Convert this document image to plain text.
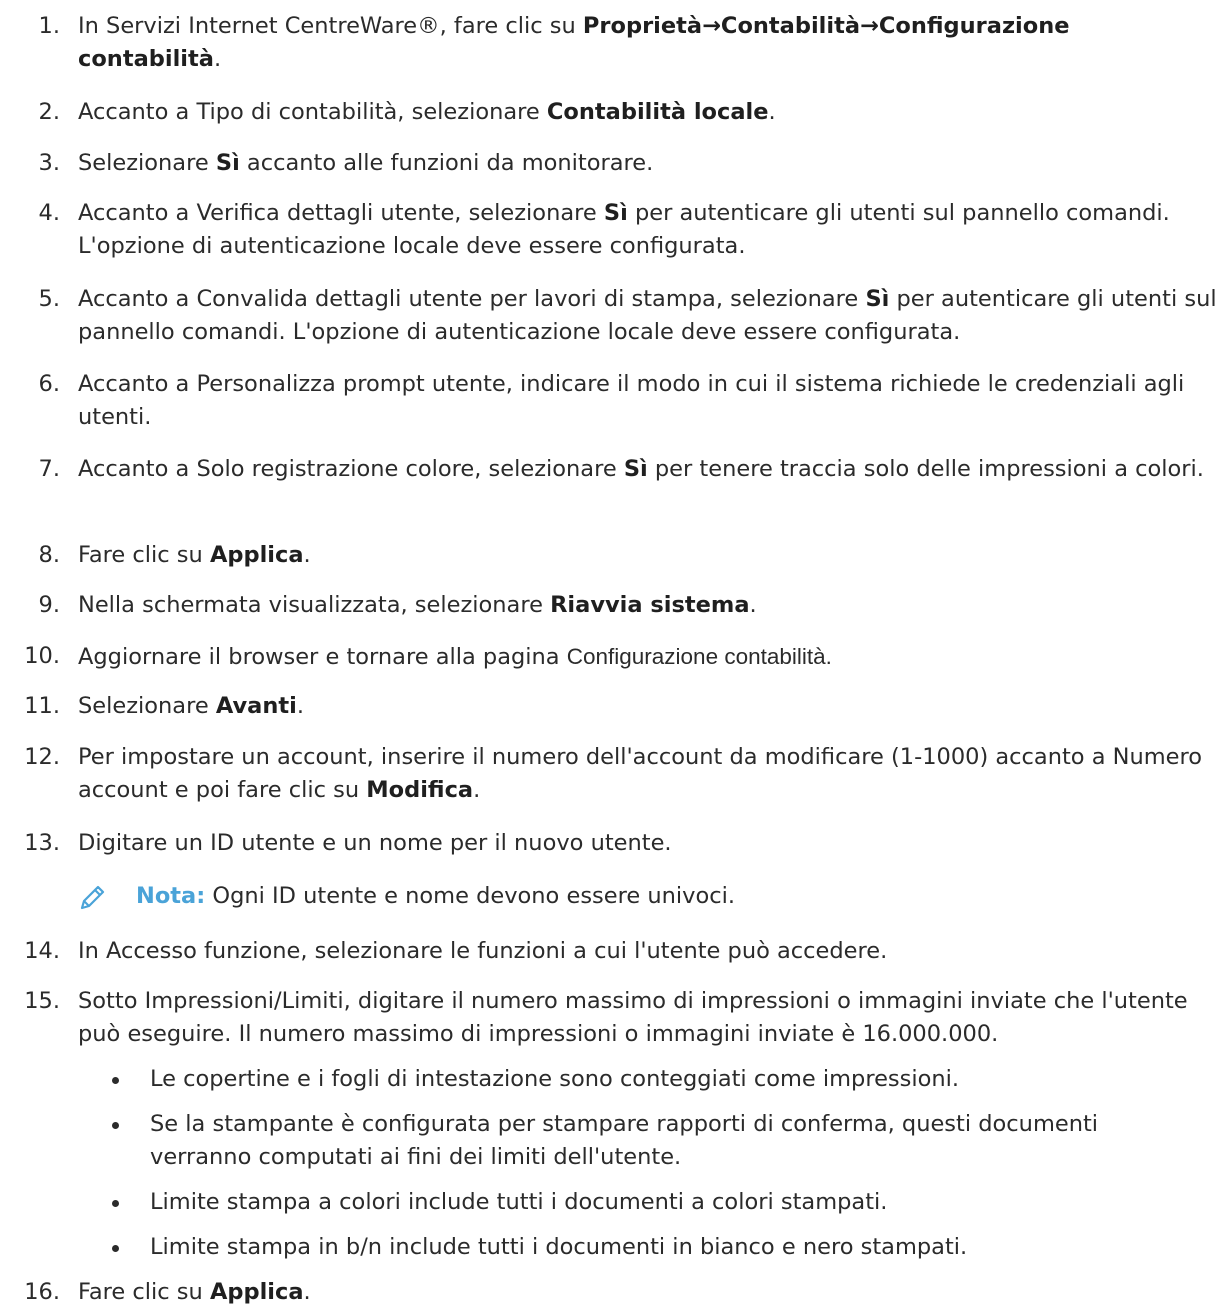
1. In Servizi Internet CentreWare®, fare clic su Proprietà→Contabilità→Configurazione contabilità.
2. Accanto a Tipo di contabilità, selezionare Contabilità locale.
3. Selezionare Sì accanto alle funzioni da monitorare.
4. Accanto a Verifica dettagli utente, selezionare Sì per autenticare gli utenti sul pannello comandi. L'opzione di autenticazione locale deve essere configurata.
5. Accanto a Convalida dettagli utente per lavori di stampa, selezionare Sì per autenticare gli utenti sul pannello comandi. L'opzione di autenticazione locale deve essere configurata.
6. Accanto a Personalizza prompt utente, indicare il modo in cui il sistema richiede le credenziali agli utenti.
7. Accanto a Solo registrazione colore, selezionare Sì per tenere traccia solo delle impressioni a colori.
8. Fare clic su Applica.
9. Nella schermata visualizzata, selezionare Riavvia sistema.
10. Aggiornare il browser e tornare alla pagina Configurazione contabilità.
11. Selezionare Avanti.
12. Per impostare un account, inserire il numero dell'account da modificare (1-1000) accanto a Numero account e poi fare clic su Modifica.
13. Digitare un ID utente e un nome per il nuovo utente.
Nota: Ogni ID utente e nome devono essere univoci.
14. In Accesso funzione, selezionare le funzioni a cui l'utente può accedere.
15. Sotto Impressioni/Limiti, digitare il numero massimo di impressioni o immagini inviate che l'utente può eseguire. Il numero massimo di impressioni o immagini inviate è 16.000.000.
Le copertine e i fogli di intestazione sono conteggiati come impressioni.
Se la stampante è configurata per stampare rapporti di conferma, questi documenti verranno computati ai fini dei limiti dell'utente.
Limite stampa a colori include tutti i documenti a colori stampati.
Limite stampa in b/n include tutti i documenti in bianco e nero stampati.
16. Fare clic su Applica.
